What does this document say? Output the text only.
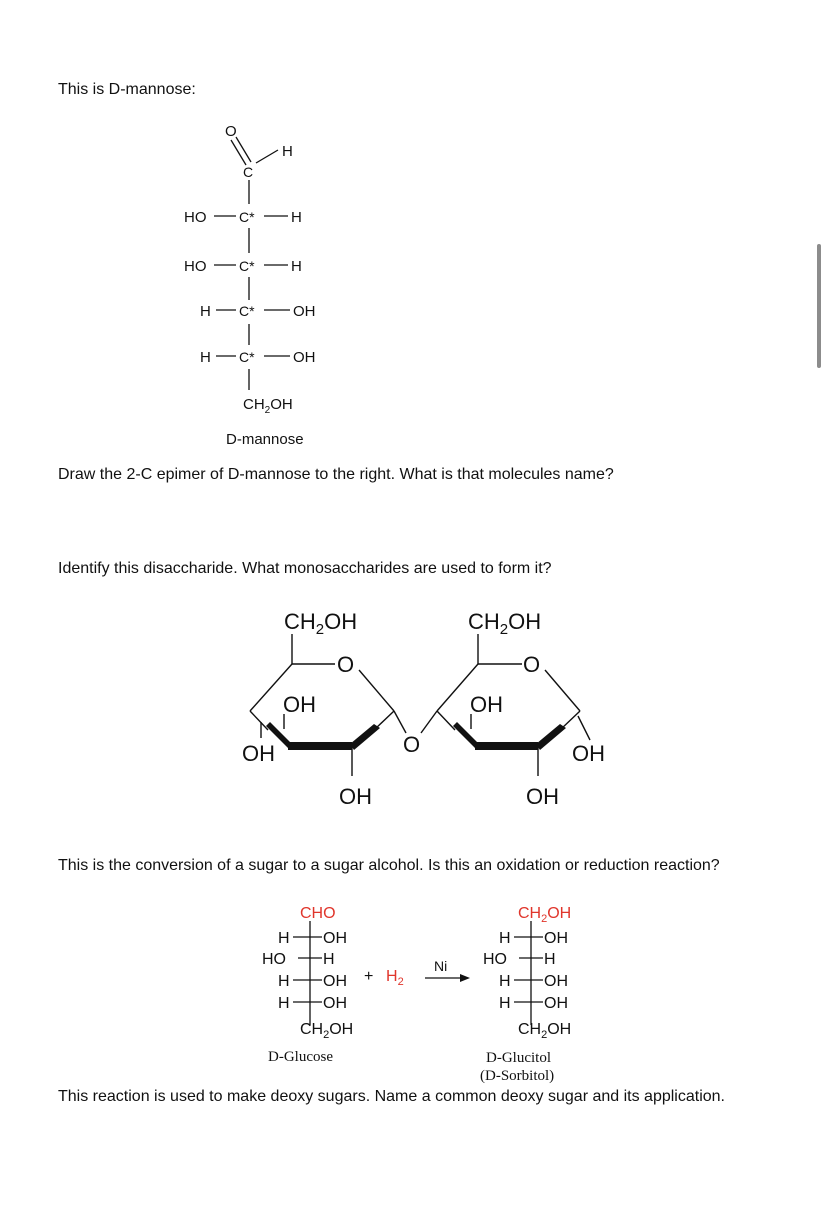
This is D-mannose:
Draw the 2-C epimer of D-mannose to the right. What is that molecules name?
Identify this disaccharide. What monosaccharides are used to form it?
This is the conversion of a sugar to a sugar alcohol. Is this an oxidation or reduction reaction?
This reaction is used to make deoxy sugars. Name a common deoxy sugar and its application.
O
H
C
HO C* H
HO C* H
H C*	OH
H C*	OH
$CH_2OH$
D-mannose
$CH_2OH$	$CH_2OH$
O	O
OH
OH
OH
O
OH
OH
OH
CHO
H OH
HO H
H OH
H OH
$CH_2OH$
D-Glucose
+ $H_2$
Ni
$CH_2OH$
H OH
HO H
H OH
H OH
$CH_2OH$
D-Glucitol
(D-Sorbitol)
